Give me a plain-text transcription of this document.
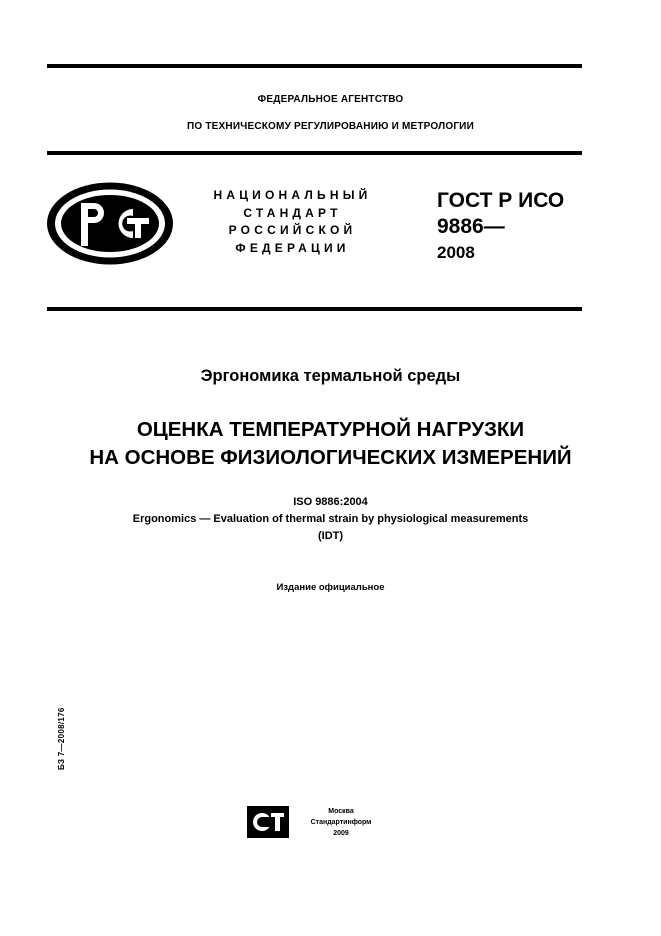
ФЕДЕРАЛЬНОЕ АГЕНТСТВО
ПО ТЕХНИЧЕСКОМУ РЕГУЛИРОВАНИЮ И МЕТРОЛОГИИ
РСТ
НАЦИОНАЛЬНЫЙ
СТАНДАРТ
РОССИЙСКОЙ
ФЕДЕРАЦИИ
ГОСТ Р ИСО
9886—
2008
Эргономика термальной среды
ОЦЕНКА ТЕМПЕРАТУРНОЙ НАГРУЗКИ
НА ОСНОВЕ ФИЗИОЛОГИЧЕСКИХ ИЗМЕРЕНИЙ
ISO 9886:2004
Ergonomics — Evaluation of thermal strain by physiological measurements
(IDT)
Издание официальное
БЗ 7—2008/176
Москва
Стандартинформ
2009
